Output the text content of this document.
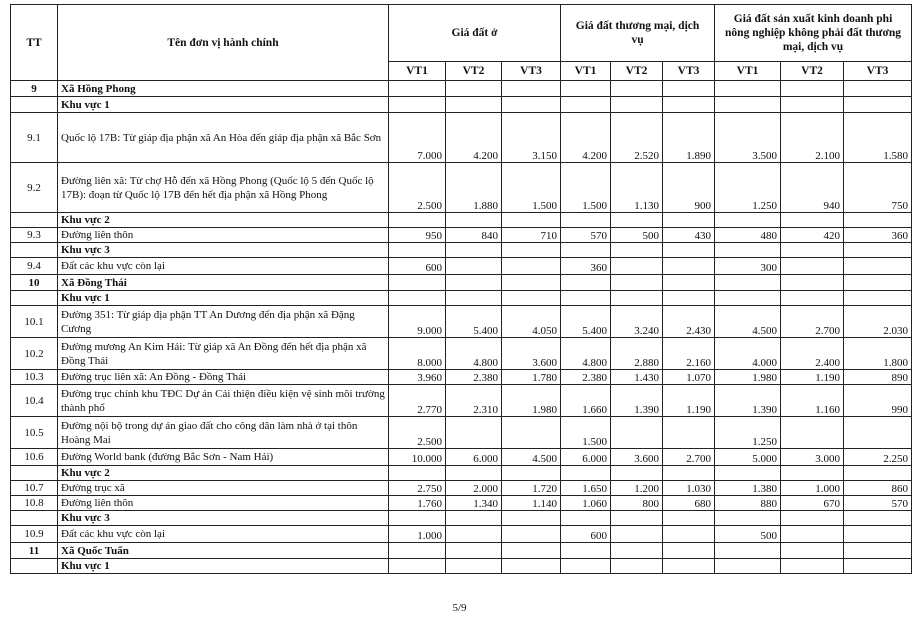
TT	Tên đơn vị hành chính	Giá đất ở			Giá đất thương mại, dịch vụ			Giá đất sản xuất kinh doanh phi nông nghiệp không phải đất thương mại, dịch vụ		
		VT1	VT2	VT3	VT1	VT2	VT3	VT1	VT2	VT3
9	Xã Hồng Phong									
	Khu vực 1									
9.1	Quốc lộ 17B: Từ giáp địa phận xã An Hòa đến giáp địa phận xã Bắc Sơn	7.000	4.200	3.150	4.200	2.520	1.890	3.500	2.100	1.580
9.2	Đường liên xã: Từ chợ Hỗ đến xã Hồng Phong (Quốc lộ 5 đến Quốc lộ 17B): đoạn từ Quốc lộ 17B đến hết địa phận xã Hồng Phong	2.500	1.880	1.500	1.500	1.130	900	1.250	940	750
	Khu vực 2									
9.3	Đường liên thôn	950	840	710	570	500	430	480	420	360
	Khu vực 3									
9.4	Đất các khu vực còn lại	600			360			300		
10	Xã Đồng Thái									
	Khu vực 1									
10.1	Đường 351: Từ giáp địa phận TT An Dương đến địa phận xã Đặng Cương	9.000	5.400	4.050	5.400	3.240	2.430	4.500	2.700	2.030
10.2	Đường mương An Kim Hải: Từ giáp xã An Đồng đến hết địa phận xã Đồng Thái	8.000	4.800	3.600	4.800	2.880	2.160	4.000	2.400	1.800
10.3	Đường trục liên xã: An Đồng - Đồng Thái	3.960	2.380	1.780	2.380	1.430	1.070	1.980	1.190	890
10.4	Đường trục chính khu TĐC Dự án Cải thiện điều kiện vệ sinh môi trường thành phố	2.770	2.310	1.980	1.660	1.390	1.190	1.390	1.160	990
10.5	Đường nội bộ trong dự án giao đất cho công dân làm nhà ở tại thôn Hoàng Mai	2.500			1.500			1.250		
10.6	Đường World bank (đường Bắc Sơn - Nam Hải)	10.000	6.000	4.500	6.000	3.600	2.700	5.000	3.000	2.250
	Khu vực 2									
10.7	Đường trục xã	2.750	2.000	1.720	1.650	1.200	1.030	1.380	1.000	860
10.8	Đường liên thôn	1.760	1.340	1.140	1.060	800	680	880	670	570
	Khu vực 3									
10.9	Đất các khu vực còn lại	1.000			600			500		
11	Xã Quốc Tuấn									
	Khu vực 1									
5/9
